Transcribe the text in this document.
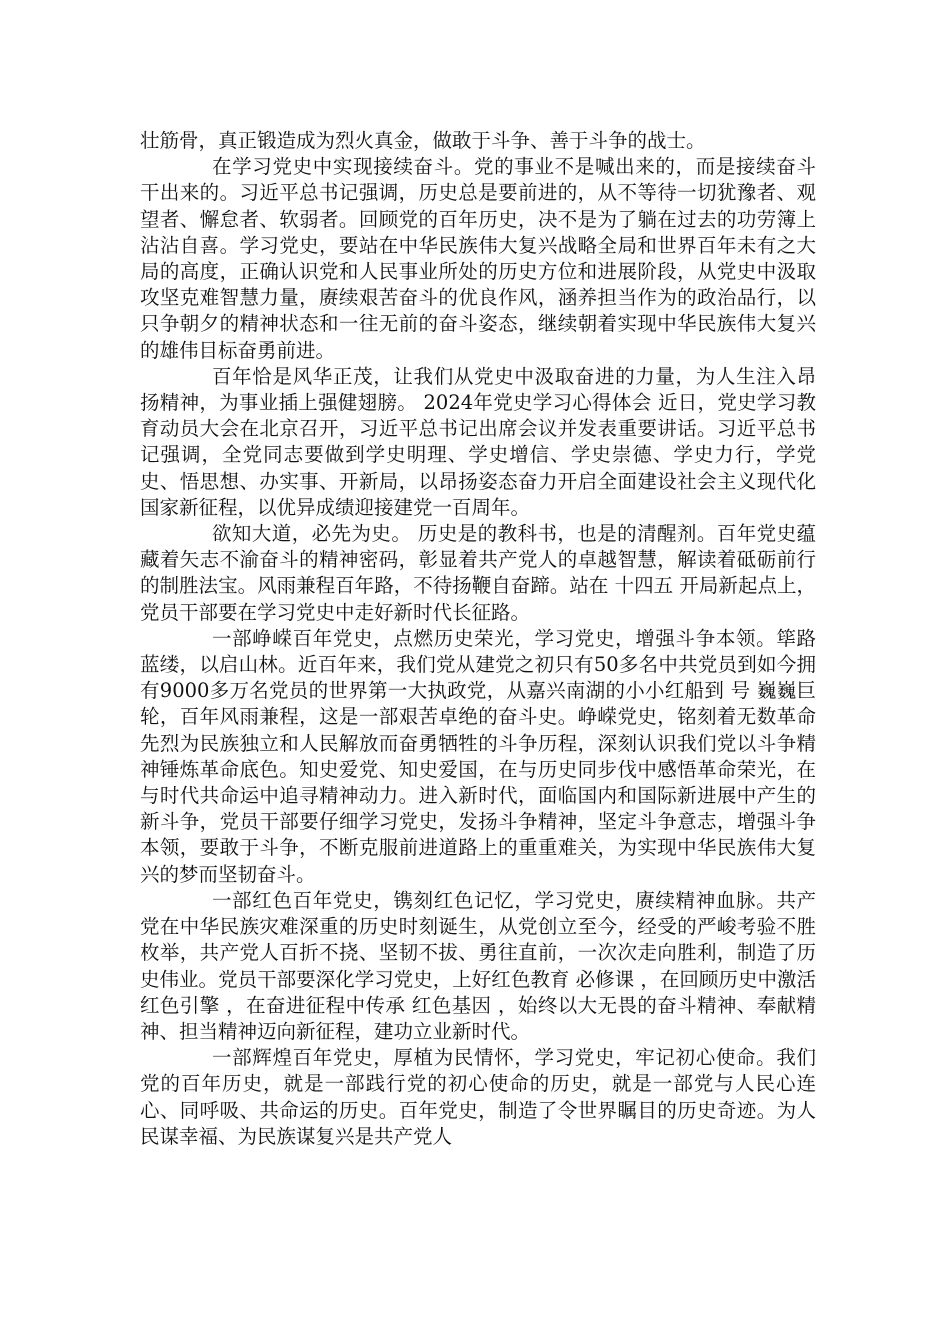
壮筋骨，真正锻造成为烈火真金，做敢于斗争、善于斗争的战士。

在学习党史中实现接续奋斗。党的事业不是喊出来的，而是接续奋斗干出来的。习近平总书记强调，历史总是要前进的，从不等待一切犹豫者、观望者、懈怠者、软弱者。回顾党的百年历史，决不是为了躺在过去的功劳簿上沾沾自喜。学习党史，要站在中华民族伟大复兴战略全局和世界百年未有之大局的高度，正确认识党和人民事业所处的历史方位和进展阶段，从党史中汲取攻坚克难智慧力量，赓续艰苦奋斗的优良作风，涵养担当作为的政治品行，以只争朝夕的精神状态和一往无前的奋斗姿态，继续朝着实现中华民族伟大复兴的雄伟目标奋勇前进。

百年恰是风华正茂，让我们从党史中汲取奋进的力量，为人生注入昂扬精神，为事业插上强健翅膀。 2024年党史学习心得体会 近日，党史学习教育动员大会在北京召开，习近平总书记出席会议并发表重要讲话。习近平总书记强调，全党同志要做到学史明理、学史增信、学史崇德、学史力行，学党史、悟思想、办实事、开新局，以昂扬姿态奋力开启全面建设社会主义现代化国家新征程，以优异成绩迎接建党一百周年。

欲知大道，必先为史。 历史是的教科书，也是的清醒剂。百年党史蕴藏着矢志不渝奋斗的精神密码，彰显着共产党人的卓越智慧，解读着砥砺前行的制胜法宝。风雨兼程百年路，不待扬鞭自奋蹄。站在 十四五 开局新起点上，党员干部要在学习党史中走好新时代长征路。

一部峥嵘百年党史，点燃历史荣光，学习党史，增强斗争本领。筚路蓝缕，以启山林。近百年来，我们党从建党之初只有50多名中共党员到如今拥有9000多万名党员的世界第一大执政党，从嘉兴南湖的小小红船到 号 巍巍巨轮，百年风雨兼程，这是一部艰苦卓绝的奋斗史。峥嵘党史，铭刻着无数革命先烈为民族独立和人民解放而奋勇牺牲的斗争历程，深刻认识我们党以斗争精神锤炼革命底色。知史爱党、知史爱国，在与历史同步伐中感悟革命荣光，在与时代共命运中追寻精神动力。进入新时代，面临国内和国际新进展中产生的新斗争，党员干部要仔细学习党史，发扬斗争精神，坚定斗争意志，增强斗争本领，要敢于斗争，不断克服前进道路上的重重难关，为实现中华民族伟大复兴的梦而坚韧奋斗。

一部红色百年党史，镌刻红色记忆，学习党史，赓续精神血脉。共产党在中华民族灾难深重的历史时刻诞生，从党创立至今，经受的严峻考验不胜枚举，共产党人百折不挠、坚韧不拔、勇往直前，一次次走向胜利，制造了历史伟业。党员干部要深化学习党史，上好红色教育 必修课 ，在回顾历史中激活 红色引擎 ，在奋进征程中传承 红色基因 ，始终以大无畏的奋斗精神、奉献精神、担当精神迈向新征程，建功立业新时代。

一部辉煌百年党史，厚植为民情怀，学习党史，牢记初心使命。我们党的百年历史，就是一部践行党的初心使命的历史，就是一部党与人民心连心、同呼吸、共命运的历史。百年党史，制造了令世界瞩目的历史奇迹。为人民谋幸福、为民族谋复兴是共产党人
